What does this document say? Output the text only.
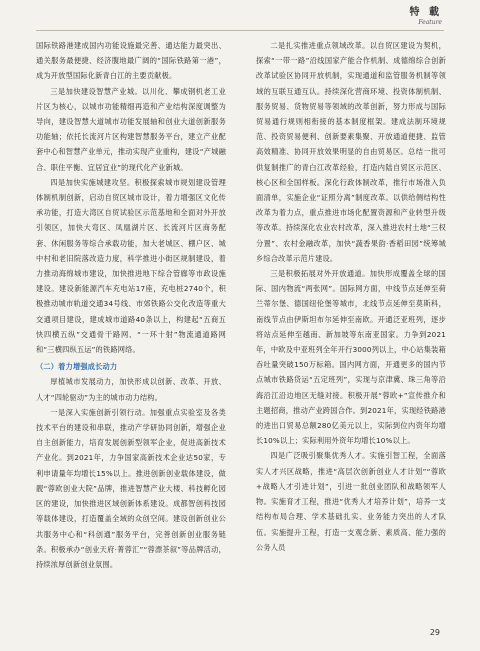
特 載
Feature

国际铁路港建成国内功能设施最完善、通达能力最突出、通关服务最便捷、经济腹地最广阔的“国际铁路第一港”，成为开放型国际化新青白江的主要贡献极。

三是加快建设智慧产业城。以川化、攀成钢机老工业片区为核心，以城市功能精细再造和产业结构深度调整为导向，建设智慧大道城市功能发展轴和创业大道创新服务功能轴；依托长流河片区构建智慧服务平台，建立产业配套中心和智慧产业单元，推动实现产业重构，建设“产城融合、职住平衡、宜居宜业”的现代化产业新城。

四是加快实施城建攻坚。积极探索城市规划建设管理体制机制创新，启动自贸区城市设计，着力增强区文化传承功能，打造大湾区自贸试验区示范基地和全面对外开放引领区，加快大弯区、凤凰湖片区、长流河片区商务配套、休闲服务等综合承载功能，加大老城区、棚户区、城中村和老旧院落改造力度，科学推进小街区规制建设，着力推动海绵城市建设，加快推进地下综合管廊等市政设施建设。建设新能源汽车充电站17座，充电桩2740个，积极推动城市轨道交通34号线、市郊铁路公交化改造等重大交通项目建设，建成城市道路40条以上，构建起“五商五快四横五纵”交通骨干路网、“一环十射”物流通道路网和“三横四纵五运”的铁路网络。

（二）着力增强成长动力

厚植城市发展动力，加快形成以创新、改革、开放、人才“四轮驱动”为主的城市动力结构。

一是深入实施创新引领行动。加强重点实验室及各类技术平台的建设和串联，推动产学研协同创新，增强企业自主创新能力，培育发展创新型领军企业，促进高新技术产业化。到2021年，力争国家高新技术企业达50家，专利申请量年均增长15%以上。推进创新创业载体建设，做靓“蓉欧创业大院”品牌，推进智慧产业大楼、科技孵化园区的建设，加快推进区域创新体系建设。成都智创科技园等载体建设，打造覆盖全域的众创空间。建设创新创业公共服务中心和“科创通”服务平台，完善创新创业服务链条。积极承办“创业天府·菁蓉汇”“蓉漂茶叙”等品牌活动，持续浓厚创新创业氛围。

二是扎实推进重点领域改革。以自贸区建设为契机，探索“一带一路”沿线国家产能合作机制、成德绵综合创新改革试验区协同开放机制，实现通道和监管服务机制等领域的互联互通互认。持续深化营商环境、投资体制机制、服务贸易、货物贸易等领域的改革创新，努力形成与国际贸易通行规则相衔接的基本制度框架。建成法制环境规范、投资贸易便利、创新要素集聚、开放通道便捷、监管高效精准、协同开放效果明显的自由贸易区。总结一批可供复制推广的青白江改革经验，打造内陆自贸区示范区、核心区和全国样板。深化行政体制改革，推行市场准入负面清单，实施企业“证照分离”制度改革。以供给侧结构性改革为着力点，重点推进市场化配置资源和产业转型升级等改革。持续深化农业农村改革，深入推进农村土地“三权分置”、农村金融改革，加快“蔬香果韵·香稻田园”统筹城乡综合改革示范片建设。

三是积极拓展对外开放通道。加快形成覆盖全球的国际、国内物流“两张网”。国际网方面，中线节点延伸至荷兰蒂尔堡、德国纽伦堡等城市，北线节点延伸至莫斯科，南线节点由伊斯坦布尔延伸至南欧。开通泛亚班列，逐步将站点延伸至越南、新加坡等东南亚国家。力争到2021年，中欧及中亚班列全年开行3000列以上，中心站集装箱吞吐量突破150万标箱。国内网方面，开通更多的国内节点城市铁路货运“五定班列”，实现与京津冀、珠三角等沿海沿江沿边地区无缝对接。积极开展“蓉欧+”宣传推介和主题招商，推动产业跨国合作。到2021年，实现经铁路港的进出口贸易总额280亿美元以上，实际到位内资年均增长10%以上；实际利用外资年均增长10%以上。

四是广泛吸引聚集优秀人才。实施引智工程，全面落实人才兴区战略，推进“高层次创新创业人才计划”“蓉欧+战略人才引进计划”，引进一批创业团队和战略领军人物。实施育才工程，推进“优秀人才培养计划”，培养一支结构布局合理、学术基础扎实、业务能力突出的人才队伍。实施提升工程，打造一支观念新、素质高、能力强的公务人员

29
